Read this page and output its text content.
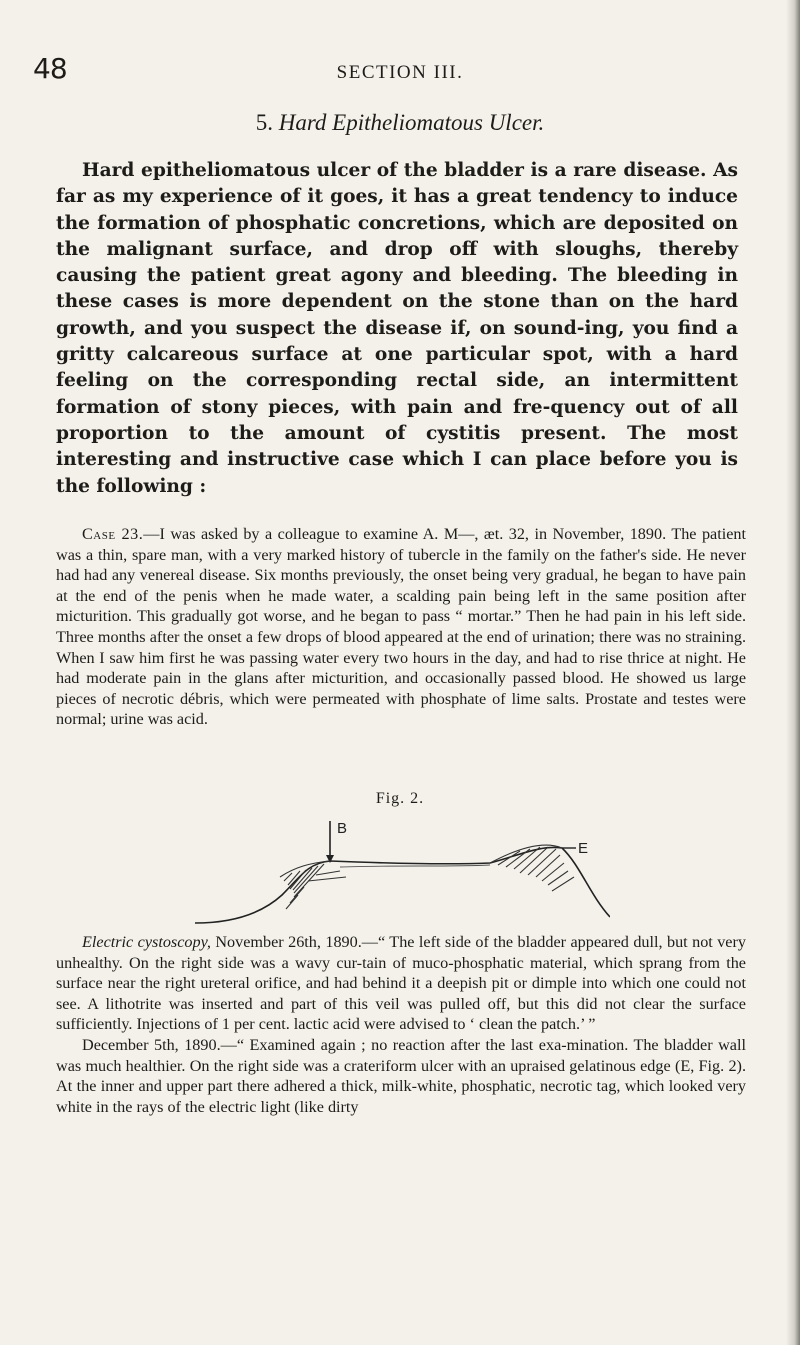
48	SECTION III.
5. Hard Epitheliomatous Ulcer.

Hard epitheliomatous ulcer of the bladder is a rare disease. As far as my experience of it goes, it has a great tendency to induce the formation of phosphatic concretions, which are deposited on the malignant surface, and drop off with sloughs, thereby causing the patient great agony and bleeding. The bleeding in these cases is more dependent on the stone than on the hard growth, and you suspect the disease if, on sound-ing, you find a gritty calcareous surface at one particular spot, with a hard feeling on the corresponding rectal side, an intermittent formation of stony pieces, with pain and fre-quency out of all proportion to the amount of cystitis present. The most interesting and instructive case which I can place before you is the following :

Case 23.—I was asked by a colleague to examine A. M—, æt. 32, in November, 1890. The patient was a thin, spare man, with a very marked history of tubercle in the family on the father's side. He never had had any venereal disease. Six months previously, the onset being very gradual, he began to have pain at the end of the penis when he made water, a scalding pain being left in the same position after micturition. This gradually got worse, and he began to pass “ mortar.” Then he had pain in his left side. Three months after the onset a few drops of blood appeared at the end of urination; there was no straining. When I saw him first he was passing water every two hours in the day, and had to rise thrice at night. He had moderate pain in the glans after micturition, and occasionally passed blood. He showed us large pieces of necrotic débris, which were permeated with phosphate of lime salts. Prostate and testes were normal; urine was acid.

Fig. 2.
B
E

Electric cystoscopy, November 26th, 1890.—“ The left side of the bladder appeared dull, but not very unhealthy. On the right side was a wavy cur-tain of muco-phosphatic material, which sprang from the surface near the right ureteral orifice, and had behind it a deepish pit or dimple into which one could not see. A lithotrite was inserted and part of this veil was pulled off, but this did not clear the surface sufficiently. Injections of 1 per cent. lactic acid were advised to ‘ clean the patch.’ ”

December 5th, 1890.—“ Examined again ; no reaction after the last exa-mination. The bladder wall was much healthier. On the right side was a crateriform ulcer with an upraised gelatinous edge (E, Fig. 2). At the inner and upper part there adhered a thick, milk-white, phosphatic, necrotic tag, which looked very white in the rays of the electric light (like dirty
